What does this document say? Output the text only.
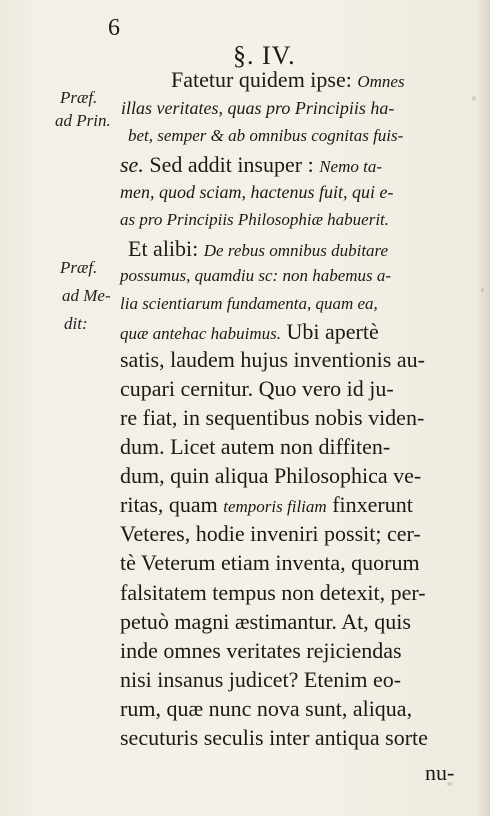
6
§. IV.
Præf.
ad Prin.
Præf.
ad Me-
dit:
Fatetur quidem ipse: Omnes
illas veritates, quas pro Principiis ha-
bet, semper & ab omnibus cognitas fuis-
se. Sed addit insuper : Nemo ta-
men, quod sciam, hactenus fuit, qui e-
as pro Principiis Philosophiæ habuerit.
Et alibi: De rebus omnibus dubitare
possumus, quamdiu sc: non habemus a-
lia scientiarum fundamenta, quam ea,
quæ antehac habuimus. Ubi apertè
satis, laudem hujus inventionis au-
cupari cernitur. Quo vero id ju-
re fiat, in sequentibus nobis viden-
dum. Licet autem non diffiten-
dum, quin aliqua Philosophica ve-
ritas, quam temporis filiam finxerunt
Veteres, hodie inveniri possit; cer-
tè Veterum etiam inventa, quorum
falsitatem tempus non detexit, per-
petuò magni æstimantur. At, quis
inde omnes veritates rejiciendas
nisi insanus judicet? Etenim eo-
rum, quæ nunc nova sunt, aliqua,
secuturis seculis inter antiqua sorte
nu-
